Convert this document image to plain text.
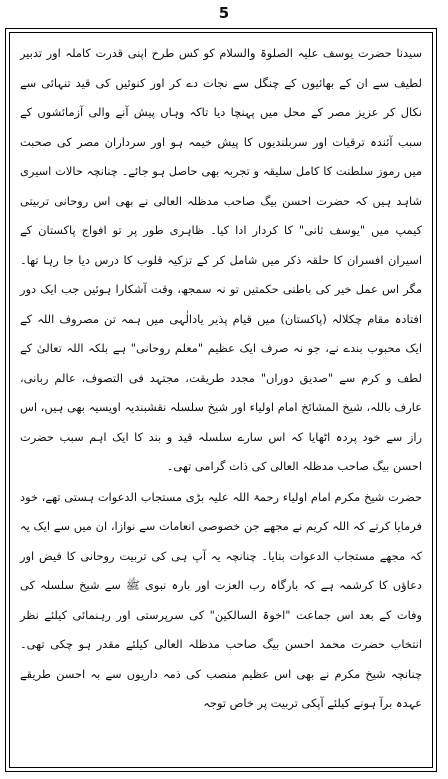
5

سیدنا حضرت یوسف علیہ الصلوۃ والسلام کو کس طرح اپنی قدرت کاملہ اور تدبیر لطیف سے ان کے بھائیوں کے چنگل سے نجات دے کر اور کنوئیں کی قید تنہائی سے نکال کر عزیز مصر کے محل میں پہنچا دیا تاکہ وہاں پیش آنے والی آزمائشوں کے سبب آئندہ ترقیات اور سربلندیوں کا پیش خیمہ ہو اور سرداران مصر کی صحبت میں رموز سلطنت کا کامل سلیقہ و تجربہ بھی حاصل ہو جائے۔ چنانچہ حالات اسیری شاہد ہیں کہ حضرت احسن بیگ صاحب مدظلہ العالی نے بھی اس روحانی تربیتی کیمپ میں "یوسف ثانی" کا کردار ادا کیا۔ ظاہری طور پر تو افواج پاکستان کے اسیران افسران کا حلقہ ذکر میں شامل کر کے تزکیہ قلوب کا درس دیا جا رہا تھا۔ مگر اس عمل خیر کی باطنی حکمتیں تو نہ سمجھ، وقت آشکارا ہوئیں جب ایک دور افتادہ مقام چکلالہ (پاکستان) میں قیام پذیر یادالٰہی میں ہمہ تن مصروف اللہ کے ایک محبوب بندے نے، جو نہ صرف ایک عظیم "معلم روحانی" ہے بلکہ اللہ تعالیٰ کے لطف و کرم سے "صدیق دوراں" مجدد طریقت، مجتہد فی التصوف، عالم ربانی، عارف باللہ، شیخ المشائخ امام اولیاء اور شیخ سلسلہ نقشبندیہ اویسیہ بھی ہیں، اس راز سے خود پردہ اٹھایا کہ اس سارے سلسلہ قید و بند کا ایک اہم سبب حضرت احسن بیگ صاحب مدظلہ العالی کی ذات گرامی تھی۔

حضرت شیخ مکرم امام اولیاء رحمۃ اللہ علیہ بڑی مستجاب الدعوات ہستی تھے، خود فرمایا کرتے کہ اللہ کریم نے مجھے جن خصوصی انعامات سے نوازا، ان میں سے ایک یہ کہ مجھے مستجاب الدعوات بنایا۔ چنانچہ یہ آپ ہی کی تربیت روحانی کا فیض اور دعاؤں کا کرشمہ ہے کہ بارگاہ رب العزت اور بارہ نبوی ﷺ سے شیخ سلسلہ کی وفات کے بعد اس جماعت "اخوۃ السالکین" کی سرپرستی اور رہنمائی کیلئے نظر انتخاب حضرت محمد احسن بیگ صاحب مدظلہ العالی کیلئے مقدر ہو چکی تھی۔ چنانچہ شیخ مکرم نے بھی اس عظیم منصب کی ذمہ داریوں سے بہ احسن طریقے عہدہ برآ ہونے کیلئے آپکی تربیت پر خاص توجہ
